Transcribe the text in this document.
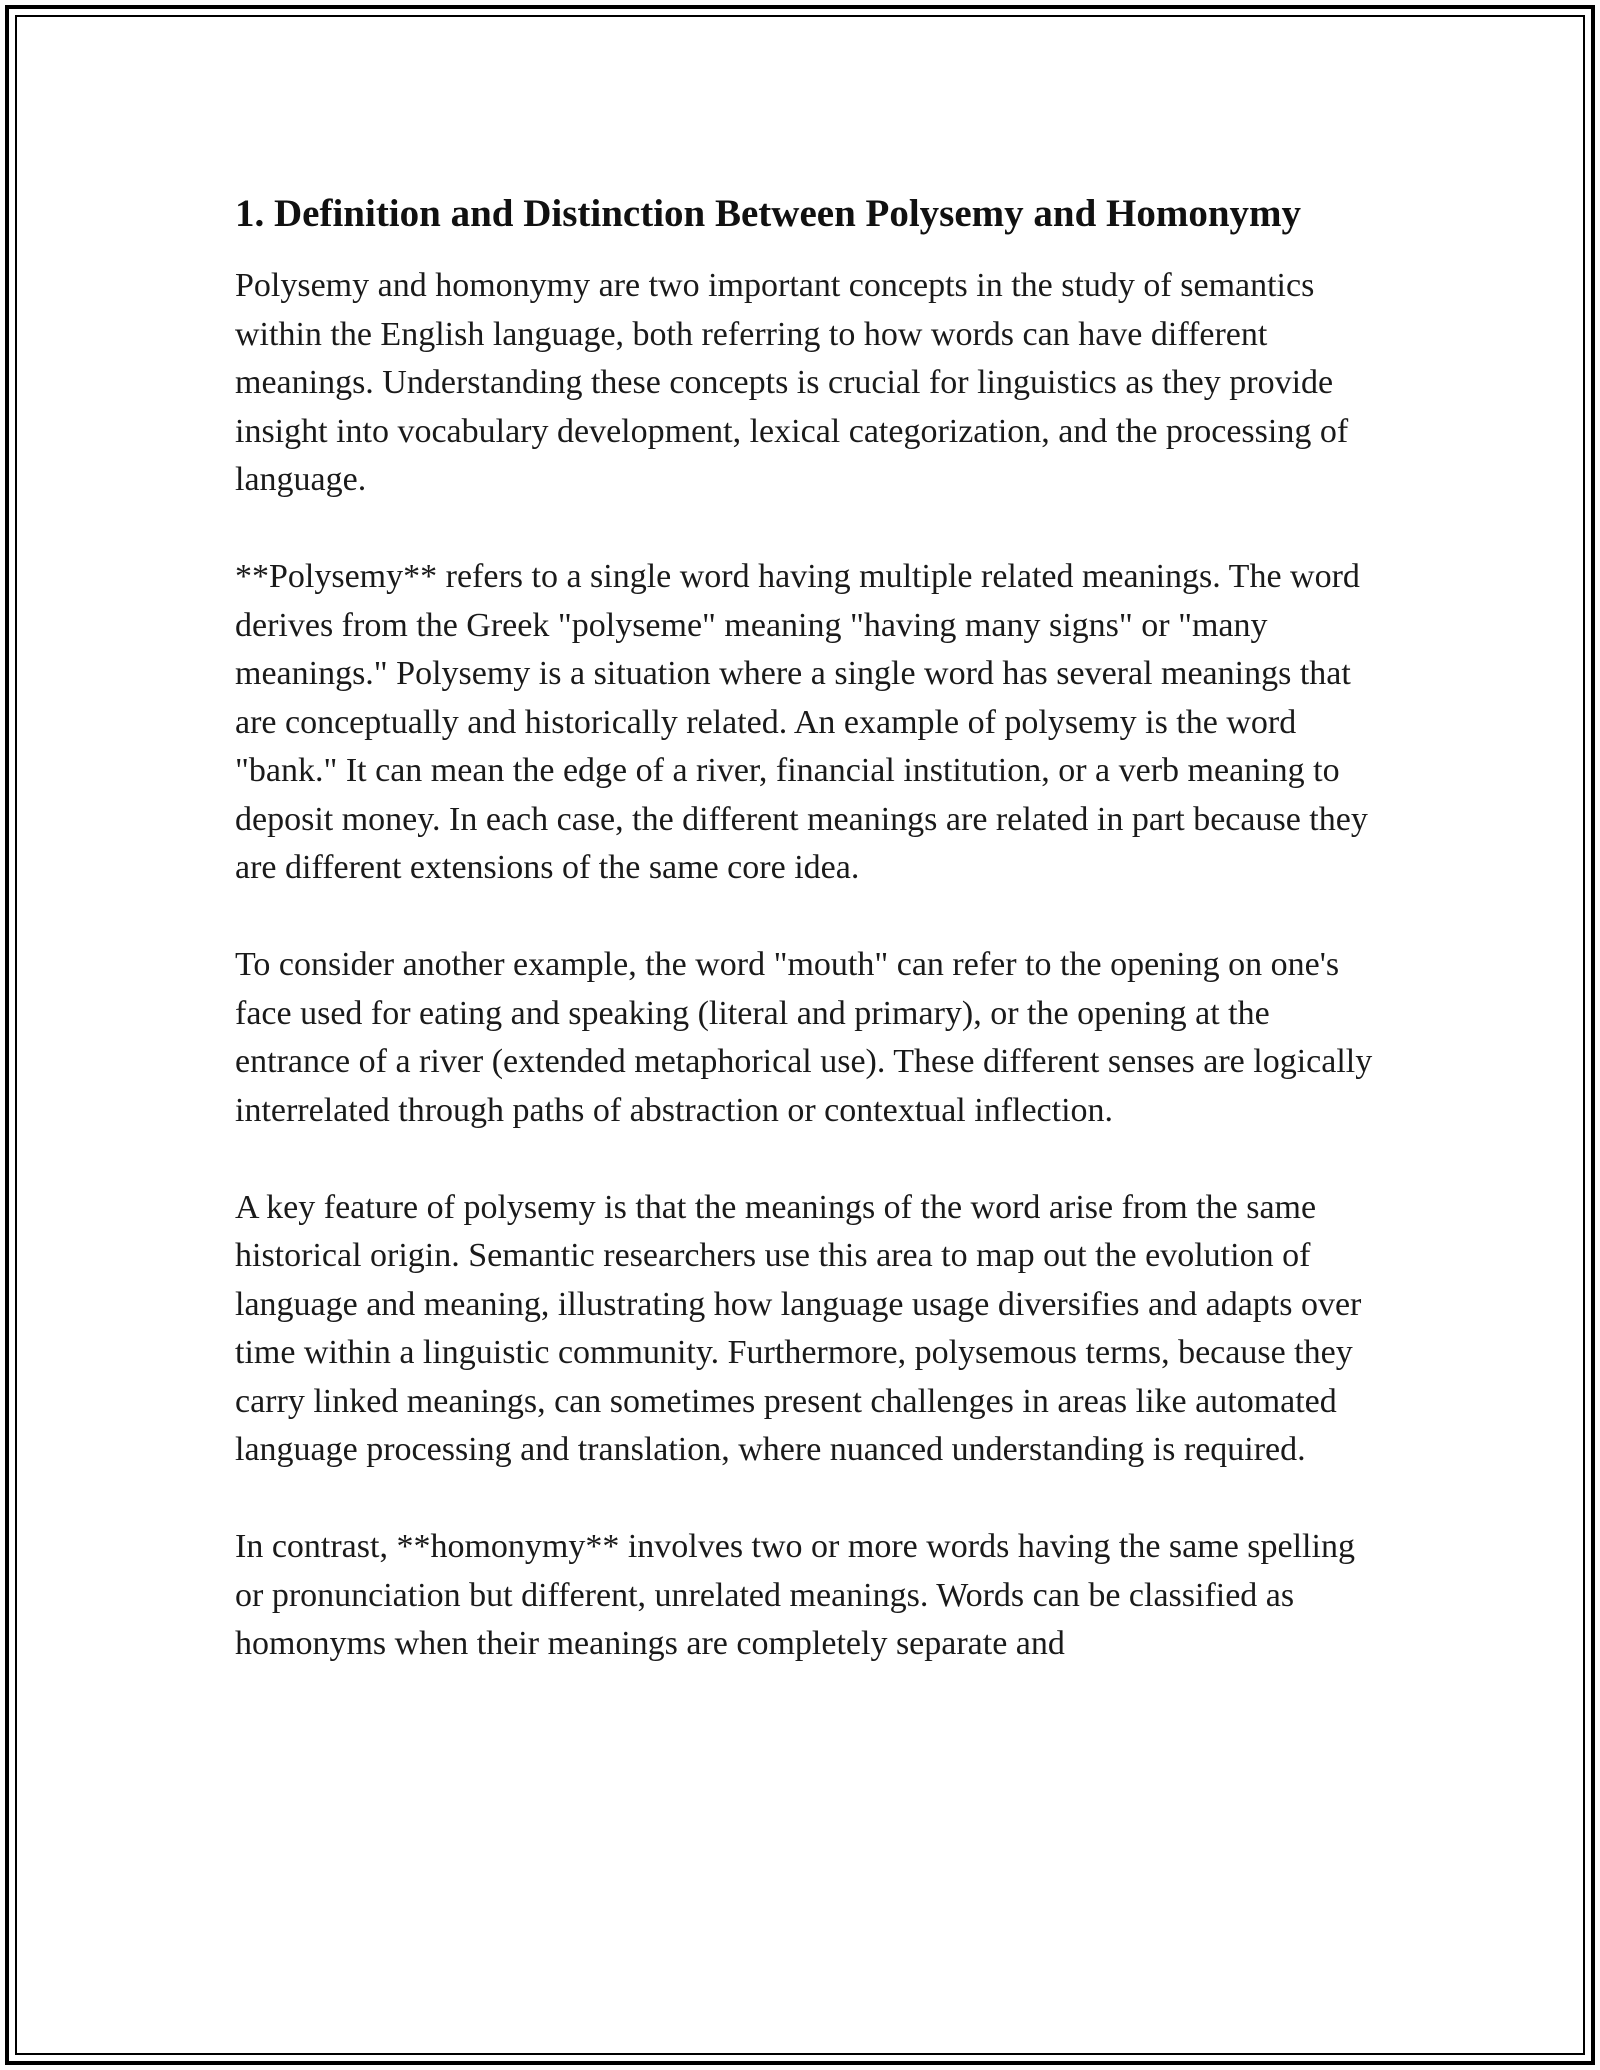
1. Definition and Distinction Between Polysemy and Homonymy

Polysemy and homonymy are two important concepts in the study of semantics within the English language, both referring to how words can have different meanings. Understanding these concepts is crucial for linguistics as they provide insight into vocabulary development, lexical categorization, and the processing of language.

**Polysemy** refers to a single word having multiple related meanings. The word derives from the Greek "polyseme" meaning "having many signs" or "many meanings." Polysemy is a situation where a single word has several meanings that are conceptually and historically related. An example of polysemy is the word "bank." It can mean the edge of a river, financial institution, or a verb meaning to deposit money. In each case, the different meanings are related in part because they are different extensions of the same core idea.

To consider another example, the word "mouth" can refer to the opening on one's face used for eating and speaking (literal and primary), or the opening at the entrance of a river (extended metaphorical use). These different senses are logically interrelated through paths of abstraction or contextual inflection.

A key feature of polysemy is that the meanings of the word arise from the same historical origin. Semantic researchers use this area to map out the evolution of language and meaning, illustrating how language usage diversifies and adapts over time within a linguistic community. Furthermore, polysemous terms, because they carry linked meanings, can sometimes present challenges in areas like automated language processing and translation, where nuanced understanding is required.

In contrast, **homonymy** involves two or more words having the same spelling or pronunciation but different, unrelated meanings. Words can be classified as homonyms when their meanings are completely separate and
